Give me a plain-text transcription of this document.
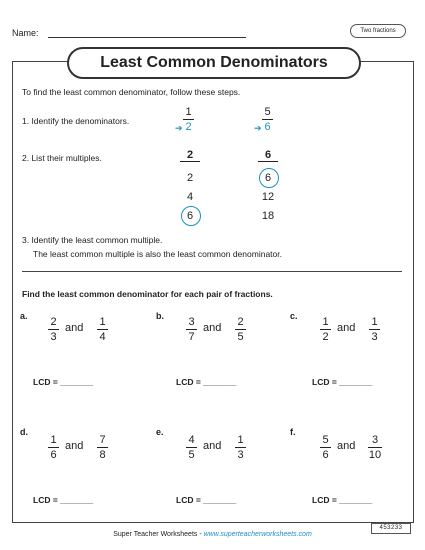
Name:	Two fractions
Least Common Denominators
To find the least common denominator, follow these steps.
1. Identify the denominators.
1
2
➔
5
6
➔
2. List their multiples.	2
2
4
6
6
6
12
18
3. Identify the least common multiple.
The least common multiple is also the least common denominator.
Find the least common denominator for each pair of fractions.
a. 2
3
and 1
4
LCD = _______
b. 3
7
and 2
5
LCD = _______
c. 1
2
and 1
3
LCD = _______
d.
1
6
and 7
8
LCD = _______
e.
4
5
and 1
3
LCD = _______
f.
5
6
and 3
10
LCD = _______
453233
Super Teacher Worksheets - www.superteacherworksheets.com
